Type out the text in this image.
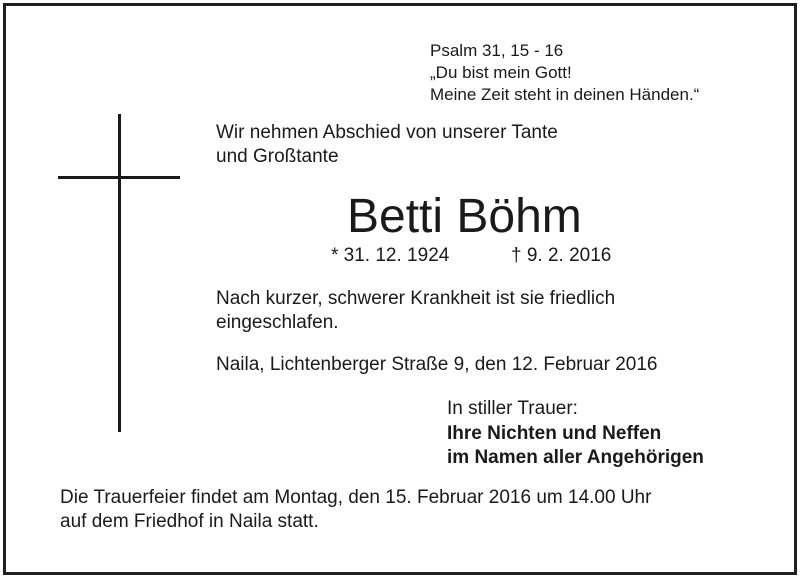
Psalm 31, 15 - 16
„Du bist mein Gott!
Meine Zeit steht in deinen Händen.“
Wir nehmen Abschied von unserer Tante
und Großtante
Betti Böhm
* 31. 12. 1924	† 9. 2. 2016
Nach kurzer, schwerer Krankheit ist sie friedlich
eingeschlafen.
Naila, Lichtenberger Straße 9, den 12. Februar 2016
In stiller Trauer:
Ihre Nichten und Neffen
im Namen aller Angehörigen
Die Trauerfeier findet am Montag, den 15. Februar 2016 um 14.00 Uhr
auf dem Friedhof in Naila statt.
